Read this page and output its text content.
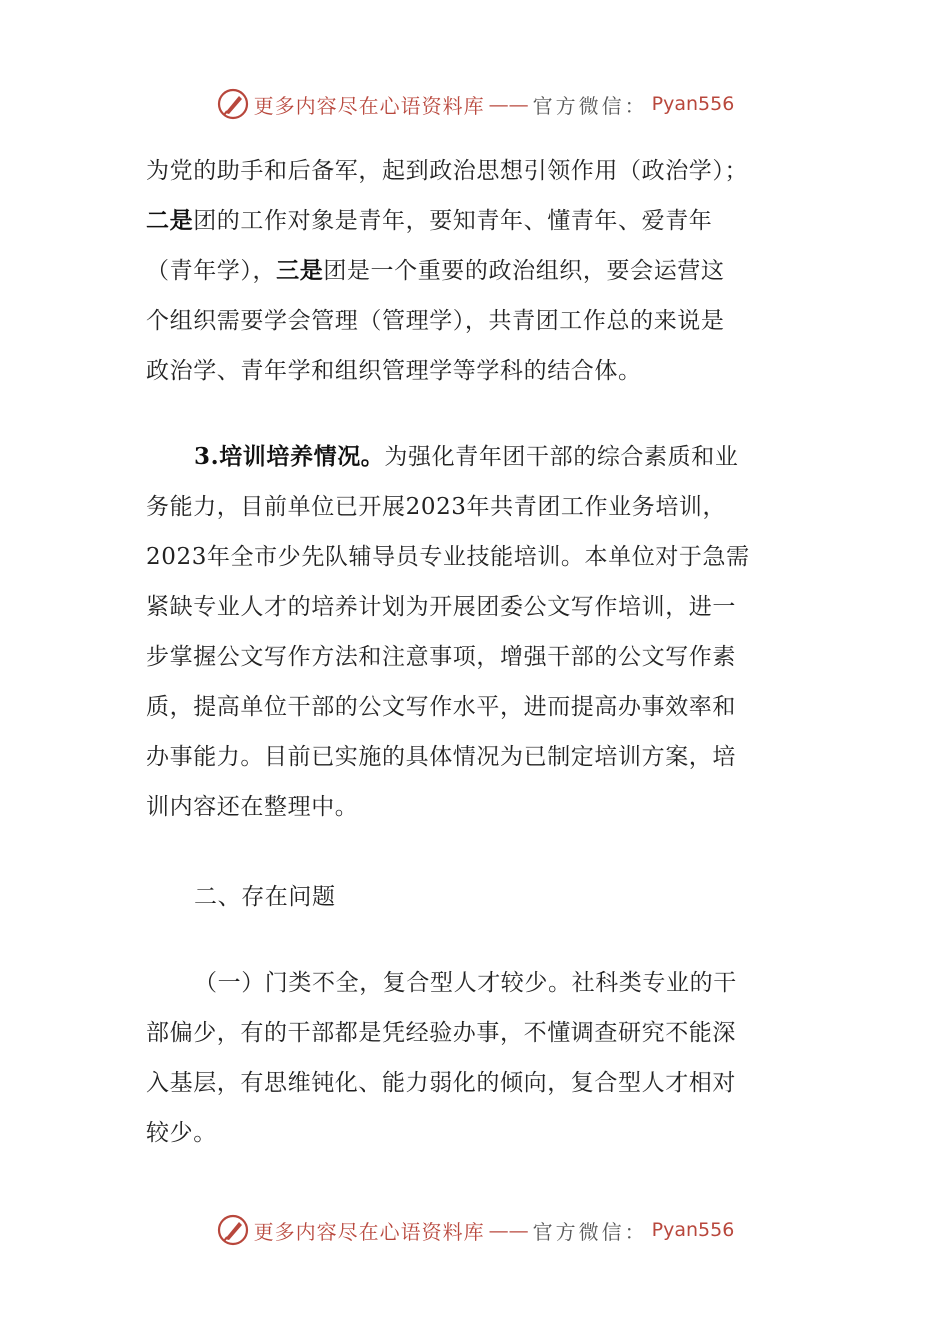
更多内容尽在心语资料库 —— 官方微信： Pyan556
为党的助手和后备军，起到政治思想引领作用（政治学）；
二是团的工作对象是青年，要知青年、懂青年、爱青年
（青年学），三是团是一个重要的政治组织，要会运营这
个组织需要学会管理（管理学），共青团工作总的来说是
政治学、青年学和组织管理学等学科的结合体。
3.培训培养情况。为强化青年团干部的综合素质和业
务能力，目前单位已开展2023年共青团工作业务培训，
2023年全市少先队辅导员专业技能培训。本单位对于急需
紧缺专业人才的培养计划为开展团委公文写作培训，进一
步掌握公文写作方法和注意事项，增强干部的公文写作素
质，提高单位干部的公文写作水平，进而提高办事效率和
办事能力。目前已实施的具体情况为已制定培训方案，培
训内容还在整理中。
二、存在问题
（一）门类不全，复合型人才较少。社科类专业的干
部偏少，有的干部都是凭经验办事，不懂调查研究不能深
入基层，有思维钝化、能力弱化的倾向，复合型人才相对
较少。
更多内容尽在心语资料库 —— 官方微信： Pyan556
